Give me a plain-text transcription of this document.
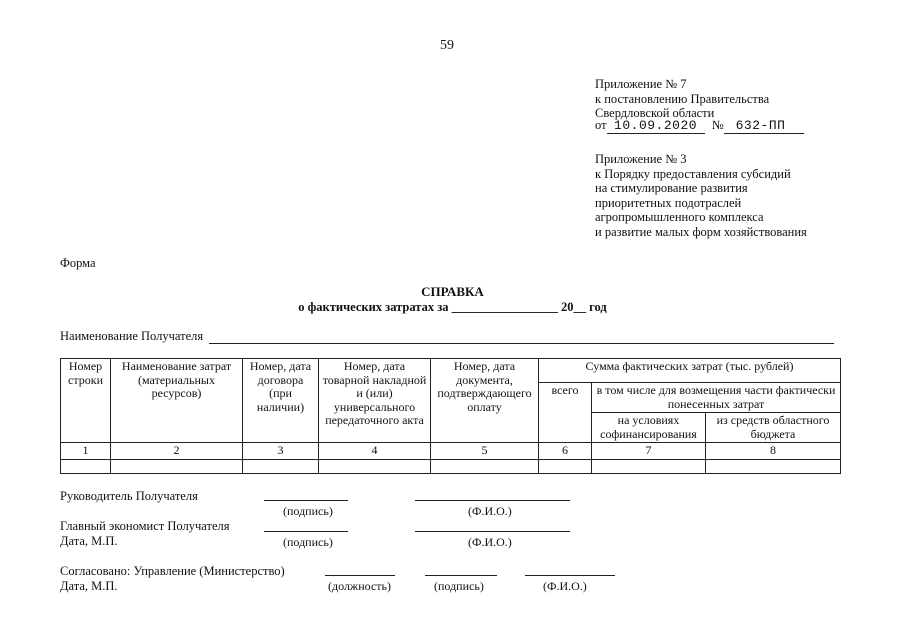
59
Приложение № 7
к постановлению Правительства
Свердловской области
от 10.09.2020 № 632-ПП
Приложение № 3
к Порядку предоставления субсидий
на стимулирование развития
приоритетных подотраслей
агропромышленного комплекса
и развитие малых форм хозяйствования
Форма
СПРАВКА
о фактических затратах за _________________ 20__ год
Наименование Получателя
Номер строки	Наименование затрат (материальных ресурсов)	Номер, дата договора (при наличии)	Номер, дата товарной накладной и (или) универсального передаточного акта	Номер, дата документа, подтверждающего оплату	Сумма фактических затрат (тыс. рублей)		
					всего	в том числе для возмещения части фактически понесенных затрат	
						на условиях софинансирования	из средств областного бюджета
1	2	3	4	5	6	7	8

Руководитель Получателя
(подпись)	(Ф.И.О.)
Главный экономист Получателя
Дата, М.П.	(подпись)	(Ф.И.О.)
Согласовано: Управление (Министерство)
Дата, М.П.	(должность)	(подпись)	(Ф.И.О.)
